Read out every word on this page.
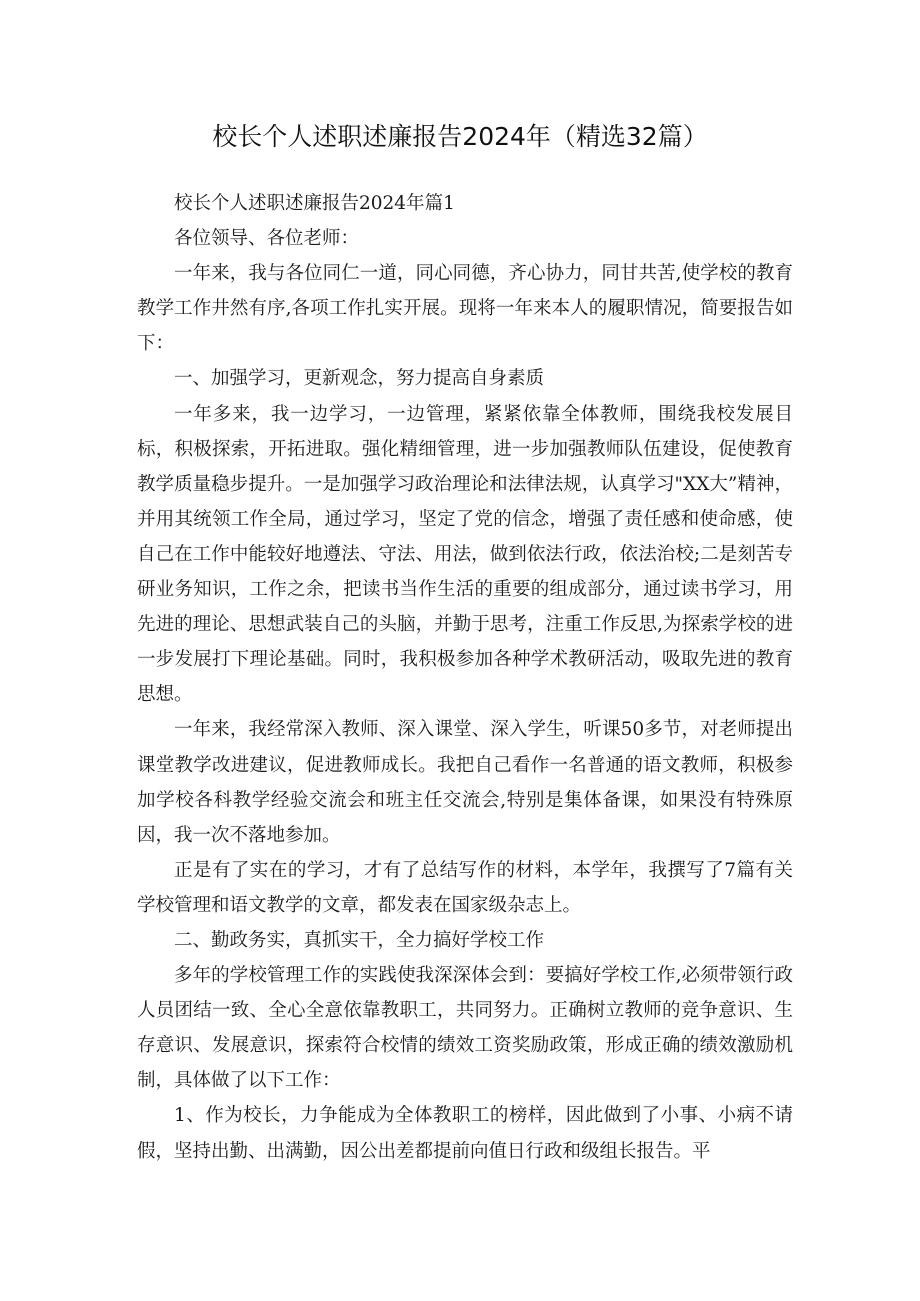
校长个人述职述廉报告2024年（精选32篇）

校长个人述职述廉报告2024年篇1

各位领导、各位老师：

一年来，我与各位同仁一道，同心同德，齐心协力，同甘共苦,使学校的教育教学工作井然有序,各项工作扎实开展。现将一年来本人的履职情况，简要报告如下：

一、加强学习，更新观念，努力提高自身素质

一年多来，我一边学习，一边管理，紧紧依靠全体教师，围绕我校发展目标，积极探索，开拓进取。强化精细管理，进一步加强教师队伍建设，促使教育教学质量稳步提升。一是加强学习政治理论和法律法规，认真学习"XX大”精神，并用其统领工作全局，通过学习，坚定了党的信念，增强了责任感和使命感，使自己在工作中能较好地遵法、守法、用法，做到依法行政，依法治校;二是刻苦专研业务知识，工作之余，把读书当作生活的重要的组成部分，通过读书学习，用先进的理论、思想武装自己的头脑，并勤于思考，注重工作反思,为探索学校的进一步发展打下理论基础。同时，我积极参加各种学术教研活动，吸取先进的教育思想。

一年来，我经常深入教师、深入课堂、深入学生，听课50多节，对老师提出课堂教学改进建议，促进教师成长。我把自己看作一名普通的语文教师，积极参加学校各科教学经验交流会和班主任交流会,特别是集体备课，如果没有特殊原因，我一次不落地参加。

正是有了实在的学习，才有了总结写作的材料，本学年，我撰写了7篇有关学校管理和语文教学的文章，都发表在国家级杂志上。

二、勤政务实，真抓实干，全力搞好学校工作

多年的学校管理工作的实践使我深深体会到：要搞好学校工作,必须带领行政人员团结一致、全心全意依靠教职工，共同努力。正确树立教师的竞争意识、生存意识、发展意识，探索符合校情的绩效工资奖励政策，形成正确的绩效激励机制，具体做了以下工作：

1、作为校长，力争能成为全体教职工的榜样，因此做到了小事、小病不请假，坚持出勤、出满勤，因公出差都提前向值日行政和级组长报告。平
